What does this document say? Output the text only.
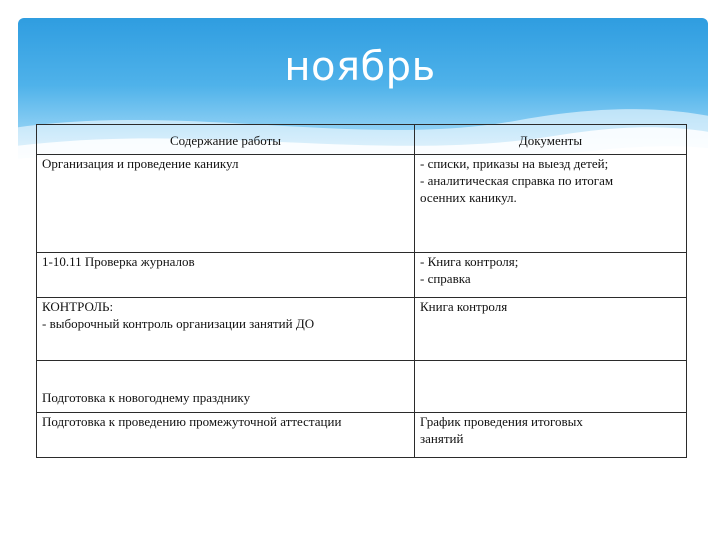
ноябрь
Содержание работы	Документы

Организация и проведение каникул	- списки, приказы на выезд детей;
- аналитическая справка по итогам
осенних каникул.

1-10.11 Проверка журналов	- Книга контроля;
- справка

КОНТРОЛЬ:
- выборочный контроль организации занятий ДО	Книга контроля

Подготовка к новогоднему празднику	

Подготовка к проведению промежуточной аттестации	График проведения итоговых
занятий
